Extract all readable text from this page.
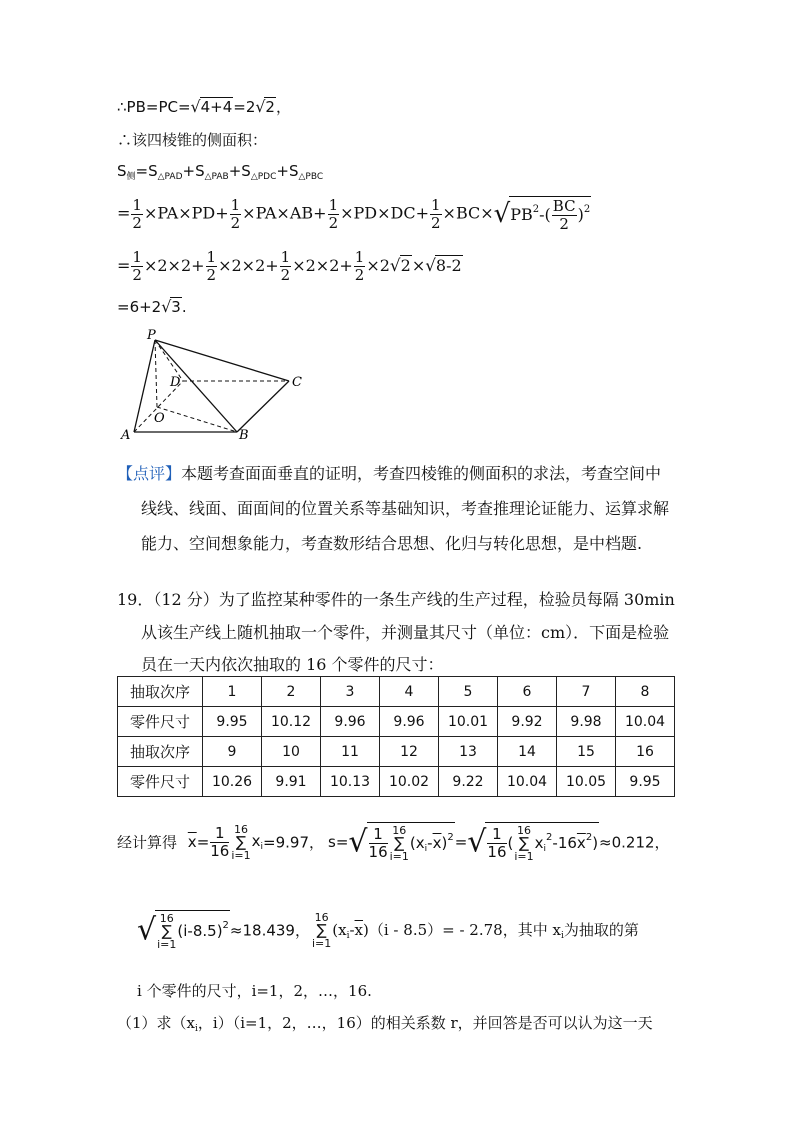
∴PB=PC=√4+4=2√2，
∴该四棱锥的侧面积：
$S_侧=S_{\triangle PAD}+S_{\triangle PAB}+S_{\triangle PDC}+S_{\triangle PBC}$
= $\frac{1}{2} \times PA\times PD+ \frac{1}{2} \times PA\times AB+ \frac{1}{2} \times PD\times DC+ \frac{1}{2} \times BC\times√PB^2-( \frac{BC}{2} )^2$
= $\frac{1}{2} \times 2\times 2+ \frac{1}{2} \times 2\times 2+ \frac{1}{2} \times 2\times 2+ \frac{1}{2} \times 2√2\times√8-2$
=6+2√3.
P
D	C
O
A	B
【点评】本题考查面面垂直的证明，考查四棱锥的侧面积的求法，考查空间中
线线、线面、面面间的位置关系等基础知识，考查推理论证能力、运算求解
能力、空间想象能力，考查数形结合思想、化归与转化思想，是中档题.
19．（12 分）为了监控某种零件的一条生产线的生产过程，检验员每隔 30min
从该生产线上随机抽取一个零件，并测量其尺寸（单位：cm）．下面是检验
员在一天内依次抽取的 16 个零件的尺寸：
抽取次序	1	2	3	4	5	6	7	8
零件尺寸	9.95	10.12	9.96	9.96	10.01	9.92	9.98	10.04
抽取次序	9	10	11	12	13	14	15	16
零件尺寸	10.26	9.91	10.13	10.02	9.22	10.04	10.05	9.95
经计算得 $\overline{x}= \frac{1}{16} 16$
∑
i=1
$x_i=9.97$， $s=√ \frac{1}{16} 16$
∑
i=1
$(x_i-\overline{x})^2=√ \frac{1}{16}$ (
16
∑
i=1
$x_i^2-16\overline{x}^2)\approx 0.212$，
√ 16
∑
i=1
$(i-8.5)^2\approx 18.439$，
16
∑
i=1
$(x_i-\overline{x})(i - 8.5)= - 2.78$，其中 $x_i$为抽取的第
i 个零件的尺寸，i=1，2，…，16.
（1）求（$x_i$，i）（i=1，2，…，16）的相关系数 r，并回答是否可以认为这一天
